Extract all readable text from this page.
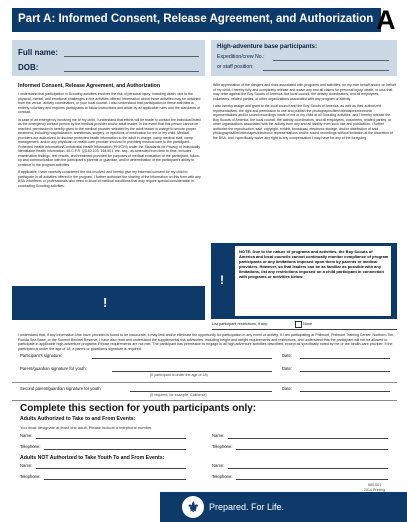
Part A: Informed Consent, Release Agreement, and Authorization A
Full name:
DOB:
High-adventure base participants:
Expedition/crew No.:
or staff position:
Informed Consent, Release Agreement, and Authorization

I understand that participation in Scouting activities involves the risk of personal injury, including death, due to the physical, mental, and emotional challenges in the activities offered. Information about those activities may be obtained from the venue, activity coordinators, or your local council. I also understand that participation in these activities is entirely voluntary and requires participants to follow instructions and abide by all applicable rules and the standards of conduct.

In case of an emergency involving me or my child, I understand that efforts will be made to contact the individual listed as the emergency contact person by the medical provider and/or adult leader. In the event that this person cannot be reached, permission is hereby given to the medical provider selected by the adult leader in charge to secure proper treatment, including hospitalization, anesthesia, surgery, or injections of medication for me or my child. Medical providers are authorized to disclose protected health information to the adult in charge, camp medical staff, camp management, and/or any physician or health-care provider involved in providing medical care to the participant. Protected Health Information/Confidential Health Information (PHI/CHI) under the Standards for Privacy of Individually Identifiable Health Information, 45 C.F.R. §§160.103, 164.501, etc. seq., as amended from time to time, includes examination findings, test results, and treatment provided for purposes of medical evaluation of the participant, follow-up and communication with the participant's parents or guardian, and/or determination of the participant's ability to continue in the program activities.

If applicable I have carefully considered the risk involved and hereby give my informed consent for my child to participate in all activities offered in the program. I further authorize the sharing of the information on this form with any BSA volunteers or professionals who need to know of medical conditions that may require special consideration in conducting Scouting activities.

With appreciation of the dangers and risks associated with programs and activities, on my own behalf and/or on behalf of my child, I hereby fully and completely release and waive any and all claims for personal injury, death, or loss that may arise against the Boy Scouts of America, the local council, the activity coordinators, and all employees, volunteers, related parties, or other organizations associated with any program or activity.

I also hereby assign and grant to the local council and the Boy Scouts of America, as well as their authorized representatives, the right and permission to use and publish the photographs/film/videotapes/electronic representations and/or sound recordings made of me or my child at all Scouting activities, and I hereby release the Boy Scouts of America, the local council, the activity coordinators, and all employees, volunteers, related parties, or other organizations associated with the activity from any and all liability from such use and publication. I further authorize the reproduction, sale, copyright, exhibit, broadcast, electronic storage, and/or distribution of said photographs/film/videotapes/electronic representations and/or sound recordings without limitation at the discretion of the BSA, and I specifically waive any right to any compensation I may have for any of the foregoing.

!
NOTE: Due to the nature of programs and activities, the Boy Scouts of America and local councils cannot continually monitor compliance of program participants or any limitations imposed upon them by parents or medical providers. However, so that leaders can be as familiar as possible with any limitations, list any restrictions imposed on a child participant in connection with programs or activities below.
!
List participant restrictions, if any:	None
I understand that, if any information I/we have provided is found to be inaccurate, it may limit and/or eliminate the opportunity for participation in any event or activity. If I am participating at Philmont, Philmont Training Center, Northern Tier, Florida Sea Base, or the Summit Bechtel Reserve, I have also read and understand the supplemental risk advisories, including height and weight requirements and restrictions, and understand that the participant will not be allowed to participate in applicable high-adventure programs if those requirements are not met. The participant has permission to engage in all high-adventure activities described, except as specifically noted by me or the health-care provider. If the participant is under the age of 18, a parent or guardian's signature is required.
Participant's signature:	Date:
Parent/guardian signature for youth:	Date:
(If participant is under the age of 18)
Second parent/guardian signature for youth:	Date:
(If required; for example, California)
Complete this section for youth participants only:
Adults Authorized to Take to and From Events:
You must designate at least one adult. Please include a telephone number.
Name:	Name:
Telephone:	Telephone:
Adults NOT Authorized to Take Youth To and From Events:
Name:	Name:
Telephone:	Telephone:
680-001
2014 Printing
⚜ Prepared. For Life.
